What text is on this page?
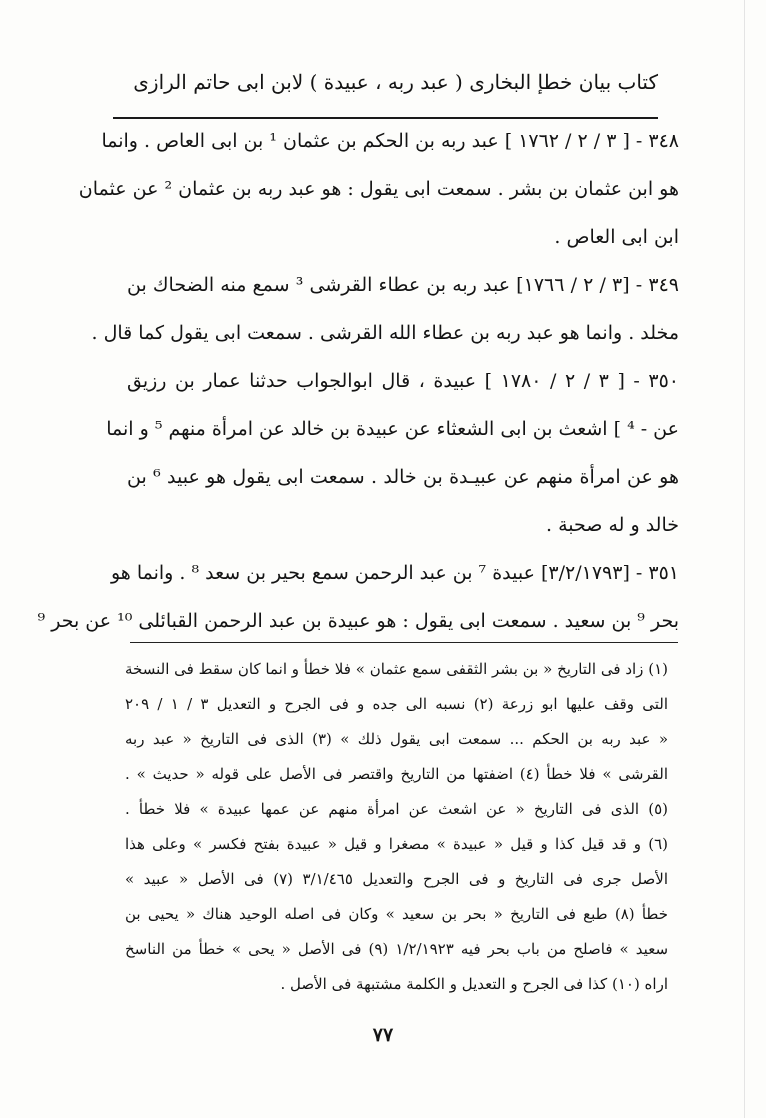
كتاب بيان خطإ البخارى ( عبد ربه ، عبيدة ) لابن ابى حاتم الرازى
٣٤٨ - [ ٣ / ٢ / ١٧٦٢ ] عبد ربه بن الحكم بن عثمان ¹ بن ابى العاص . وانما
هو ابن عثمان بن بشر . سمعت ابى يقول : هو عبد ربه بن عثمان ² عن عثمان
ابن ابى العاص .
٣٤٩ - [٣ / ٢ / ١٧٦٦] عبد ربه بن عطاء القرشى ³ سمع منه الضحاك بن
مخلد . وانما هو عبد ربه بن عطاء الله القرشى . سمعت ابى يقول كما قال .
٣٥٠ - [ ٣ / ٢ / ١٧٨٠ ] عبيدة ، قال ابوالجواب حدثنا عمار بن رزيق
عن - ⁴ ] اشعث بن ابى الشعثاء عن عبيدة بن خالد عن امرأة منهم ⁵ و انما
هو عن امرأة منهم عن عبيـدة بن خالد . سمعت ابى يقول هو عبيد ⁶ بن
خالد و له صحبة .
٣٥١ - [٣/٢/١٧٩٣] عبيدة ⁷ بن عبد الرحمن سمع بحير بن سعد ⁸ . وانما هو
بحر ⁹ بن سعيد . سمعت ابى يقول : هو عبيدة بن عبد الرحمن القبائلى ¹⁰ عن بحر ⁹
(١) زاد فى التاريخ « بن بشر الثقفى سمع عثمان » فلا خطأ و انما كان سقط فى النسخة
التى وقف عليها ابو زرعة (٢) نسبه الى جده و فى الجرح و التعديل ٣ / ١ / ٢٠٩
« عبد ربه بن الحكم ... سمعت ابى يقول ذلك » (٣) الذى فى التاريخ « عبد ربه
القرشى » فلا خطأ (٤) اضفتها من التاريخ واقتصر فى الأصل على قوله « حديث » .
(٥) الذى فى التاريخ « عن اشعث عن امرأة منهم عن عمها عبيدة » فلا خطأ .
(٦) و قد قيل كذا و قيل « عبيدة » مصغرا و قيل « عبيدة بفتح فكسر » وعلى هذا
الأصل جرى فى التاريخ و فى الجرح والتعديل ٣/١/٤٦٥ (٧) فى الأصل « عبيد »
خطأ (٨) طبع فى التاريخ « بحر بن سعيد » وكان فى اصله الوحيد هناك « يحيى بن
سعيد » فاصلح من باب بحر فيه ١/٢/١٩٢٣ (٩) فى الأصل « يحى » خطأ من الناسخ
اراه (١٠) كذا فى الجرح و التعديل و الكلمة مشتبهة فى الأصل .
٧٧
